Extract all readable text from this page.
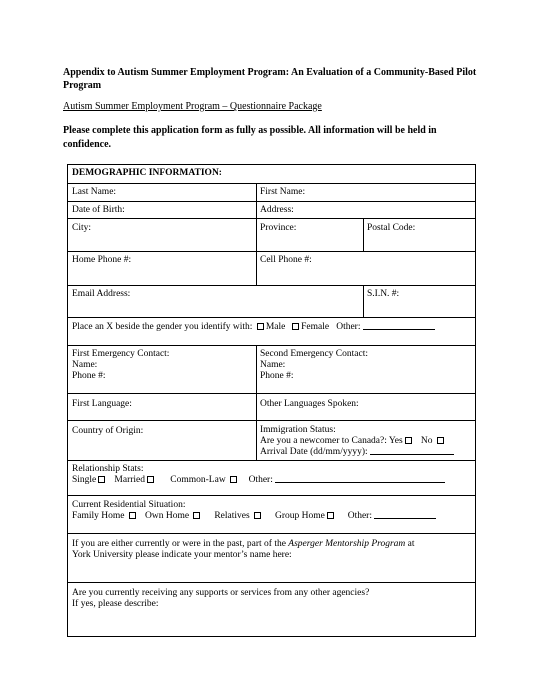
Appendix to Autism Summer Employment Program: An Evaluation of a Community-Based Pilot Program
Autism Summer Employment Program – Questionnaire Package
Please complete this application form as fully as possible. All information will be held in confidence.
DEMOGRAPHIC INFORMATION:
Last Name:	First Name:
Date of Birth:	Address:
City:	Province:	Postal Code:
Home Phone #:	Cell Phone #:
Email Address:	S.I.N. #:
Place an X beside the gender you identify with: Male Female Other:
First Emergency Contact:
Name:
Phone #:
Second Emergency Contact:
Name:
Phone #:
First Language:	Other Languages Spoken:
Country of Origin:	Immigration Status:
Are you a newcomer to Canada?: Yes No
Arrival Date (dd/mm/yyyy):
Relationship Stats:
Single Married	Common-Law Other:
Current Residential Situation:
Family Home Own Home	Relatives	Group Home Other:
If you are either currently or were in the past, part of the Asperger Mentorship Program at
York University please indicate your mentor’s name here:
Are you currently receiving any supports or services from any other agencies?
If yes, please describe:
